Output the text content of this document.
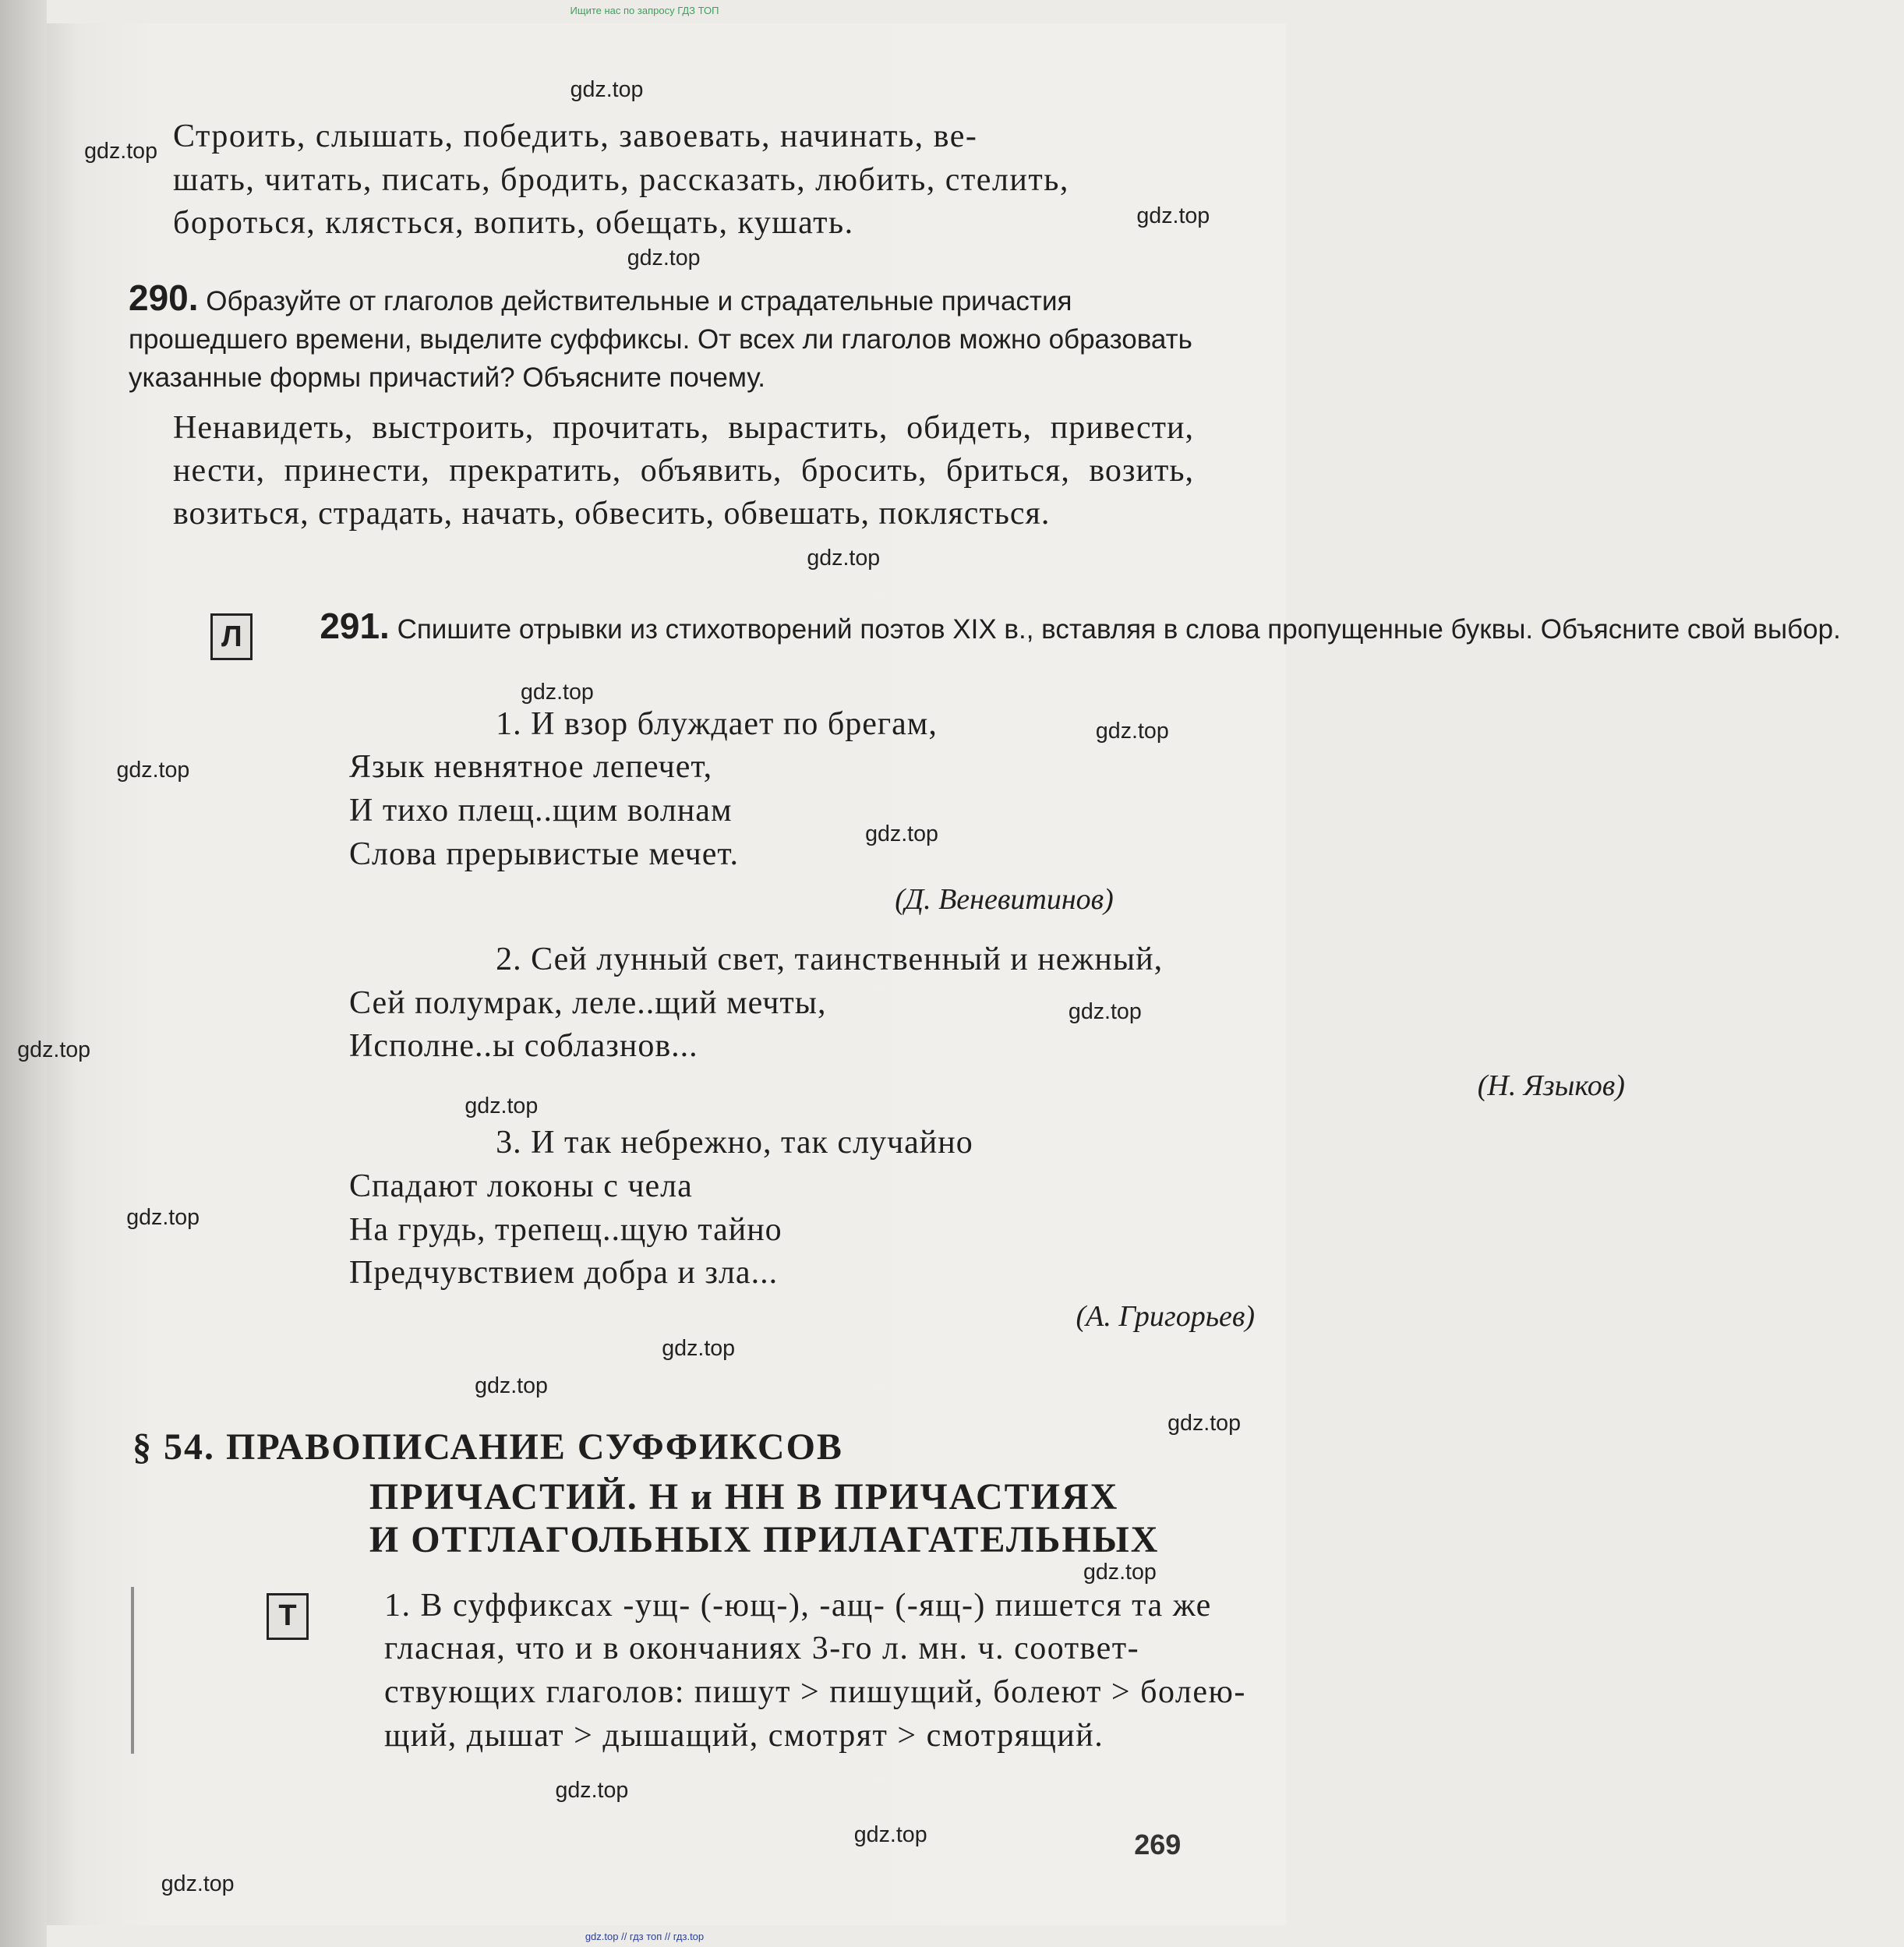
Ищите нас по запросу ГДЗ ТОП
Строить, слышать, победить, завоевать, начинать, ве-
шать, читать, писать, бродить, рассказать, любить, стелить,
бороться, клясться, вопить, обещать, кушать.
290. Образуйте от глаголов действительные и страдательные причастия прошедшего времени, выделите суффиксы. От всех ли глаголов можно образовать указанные формы причастий? Объясните почему.
Ненавидеть, выстроить, прочитать, вырастить, обидеть, привести, нести, принести, прекратить, объявить, бросить, бриться, возить, возиться, страдать, начать, обвесить, обвешать, поклясться.
Л 291. Спишите отрывки из стихотворений поэтов XIX в., вставляя в слова пропущенные буквы. Объясните свой выбор.
1. И взор блуждает по брегам,
Язык невнятное лепечет,
И тихо плещ..щим волнам
Слова прерывистые мечет.
(Д. Веневитинов)
2. Сей лунный свет, таинственный и нежный,
Сей полумрак, леле..щий мечты,
Исполне..ы соблазнов...
(Н. Языков)
3. И так небрежно, так случайно
Спадают локоны с чела
На грудь, трепещ..щую тайно
Предчувствием добра и зла...
(А. Григорьев)
§ 54. ПРАВОПИСАНИЕ СУФФИКСОВ
ПРИЧАСТИЙ. Н и НН В ПРИЧАСТИЯХ
И ОТГЛАГОЛЬНЫХ ПРИЛАГАТЕЛЬНЫХ
Т	1. В суффиксах -ущ- (-ющ-), -ащ- (-ящ-) пишется та же
гласная, что и в окончаниях 3-го л. мн. ч. соответ-
ствующих глаголов: пишут > пишущий, болеют > болею-
щий, дышат > дышащий, смотрят > смотрящий.
269
gdz.top
gdz.top
gdz.top
gdz.top
gdz.top
gdz.top
gdz.top
gdz.top
gdz.top
gdz.top
gdz.top
gdz.top
gdz.top
gdz.top
gdz.top
gdz.top
gdz.top
gdz.top
gdz.top
gdz.top
gdz.top // гдз топ // гдз.top
